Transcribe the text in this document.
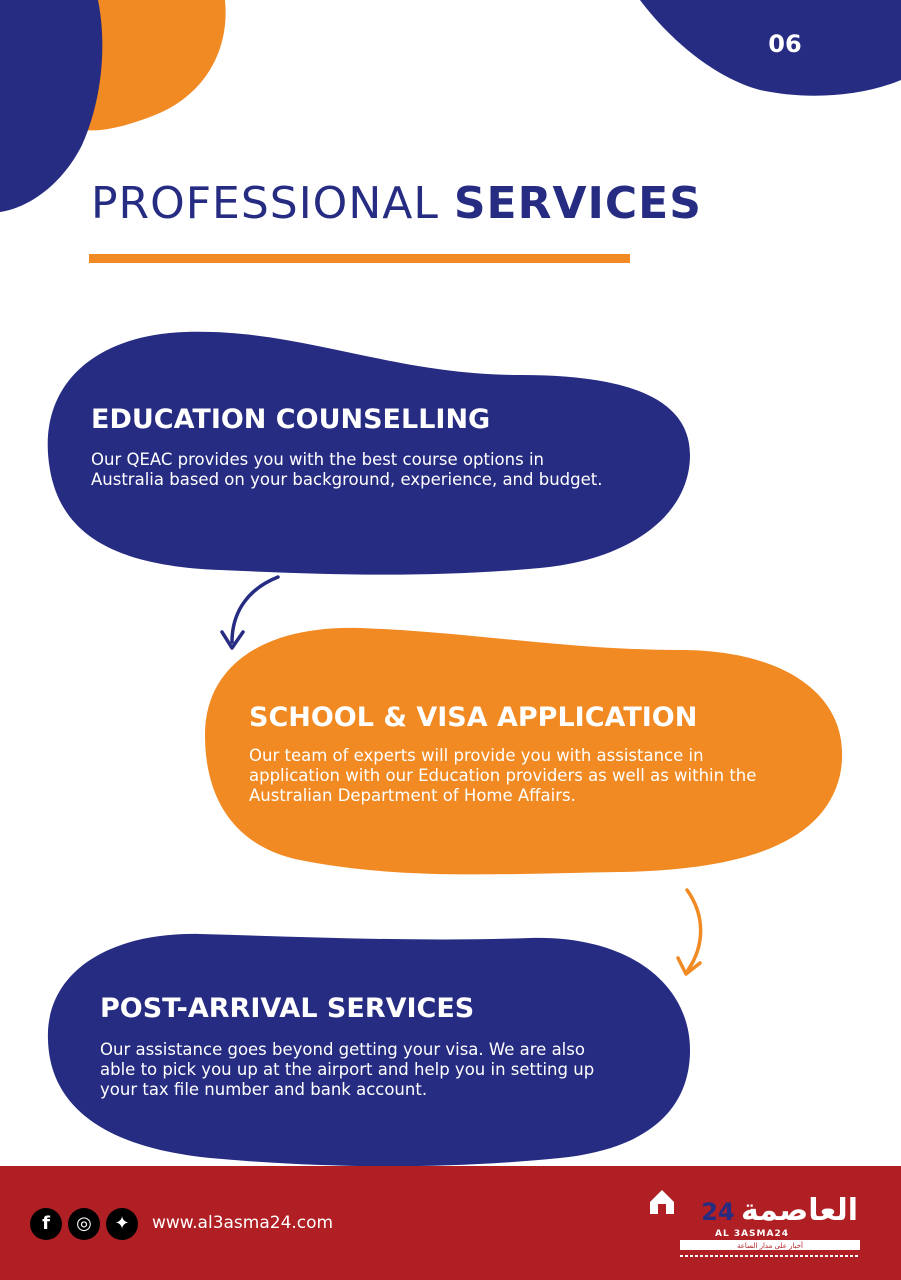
06
PROFESSIONAL SERVICES
EDUCATION COUNSELLING
Our QEAC provides you with the best course options in
Australia based on your background, experience, and budget.
SCHOOL & VISA APPLICATION
Our team of experts will provide you with assistance in
application with our Education providers as well as within the
Australian Department of Home Affairs.
POST-ARRIVAL SERVICES
Our assistance goes beyond getting your visa. We are also
able to pick you up at the airport and help you in setting up
your tax file number and bank account.
f	◎	✦	www.al3asma24.com	العاصمة
24
AL 3ASMA24
أخبار على مدار الساعة
